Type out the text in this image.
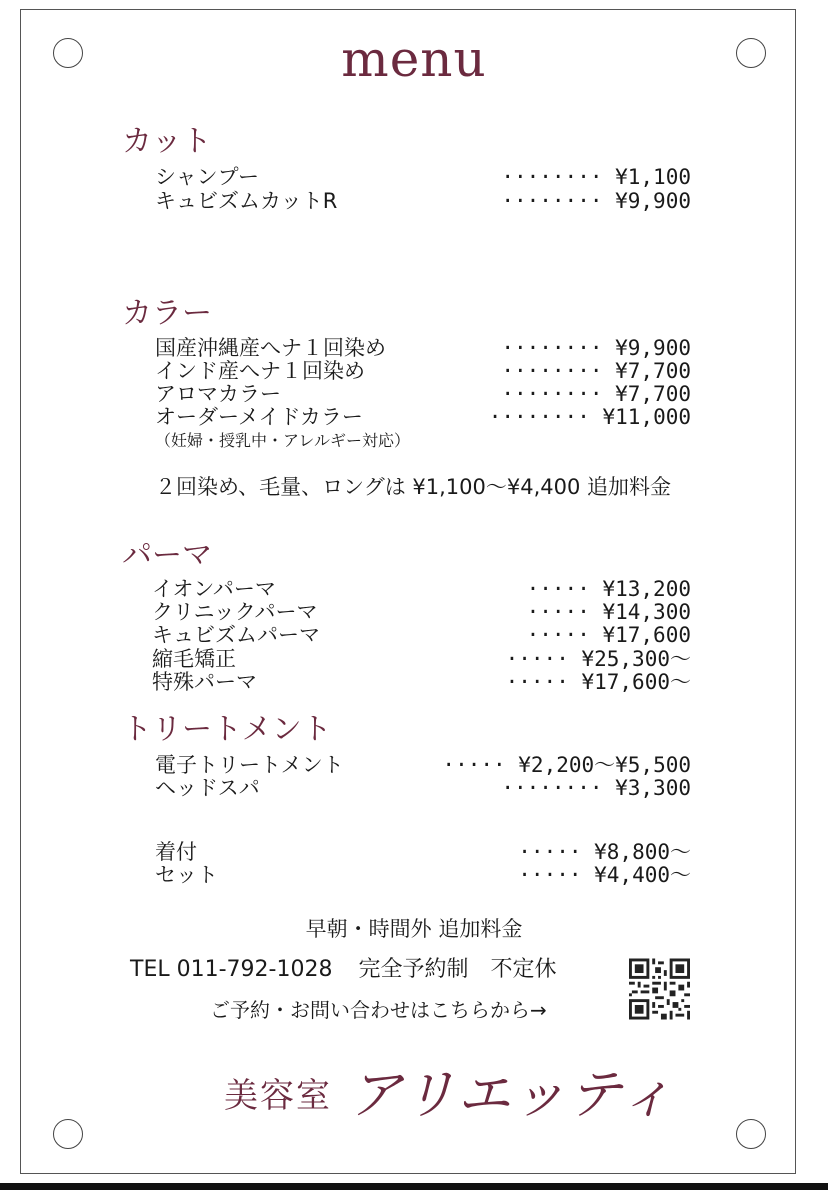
menu
カット
シャンプー	········ ¥1,100
キュビズムカットR	········ ¥9,900
カラー
国産沖縄産へナ１回染め	········ ¥9,900
インド産へナ１回染め	········ ¥7,700
アロマカラー	········ ¥7,700
オーダーメイドカラー	········ ¥11,000
（妊婦・授乳中・アレルギー対応）
２回染め、毛量、ロングは ¥1,100〜¥4,400 追加料金
パーマ
イオンパーマ	····· ¥13,200
クリニックパーマ	····· ¥14,300
キュビズムパーマ	····· ¥17,600
縮毛矯正	····· ¥25,300〜
特殊パーマ	····· ¥17,600〜
トリートメント
電子トリートメント	····· ¥2,200〜¥5,500
ヘッドスパ	········ ¥3,300
着付	····· ¥8,800〜
セット	····· ¥4,400〜
早朝・時間外 追加料金
TEL 011-792-1028 完全予約制 不定休
ご予約・お問い合わせはこちらから→
美容室 アリエッティ
